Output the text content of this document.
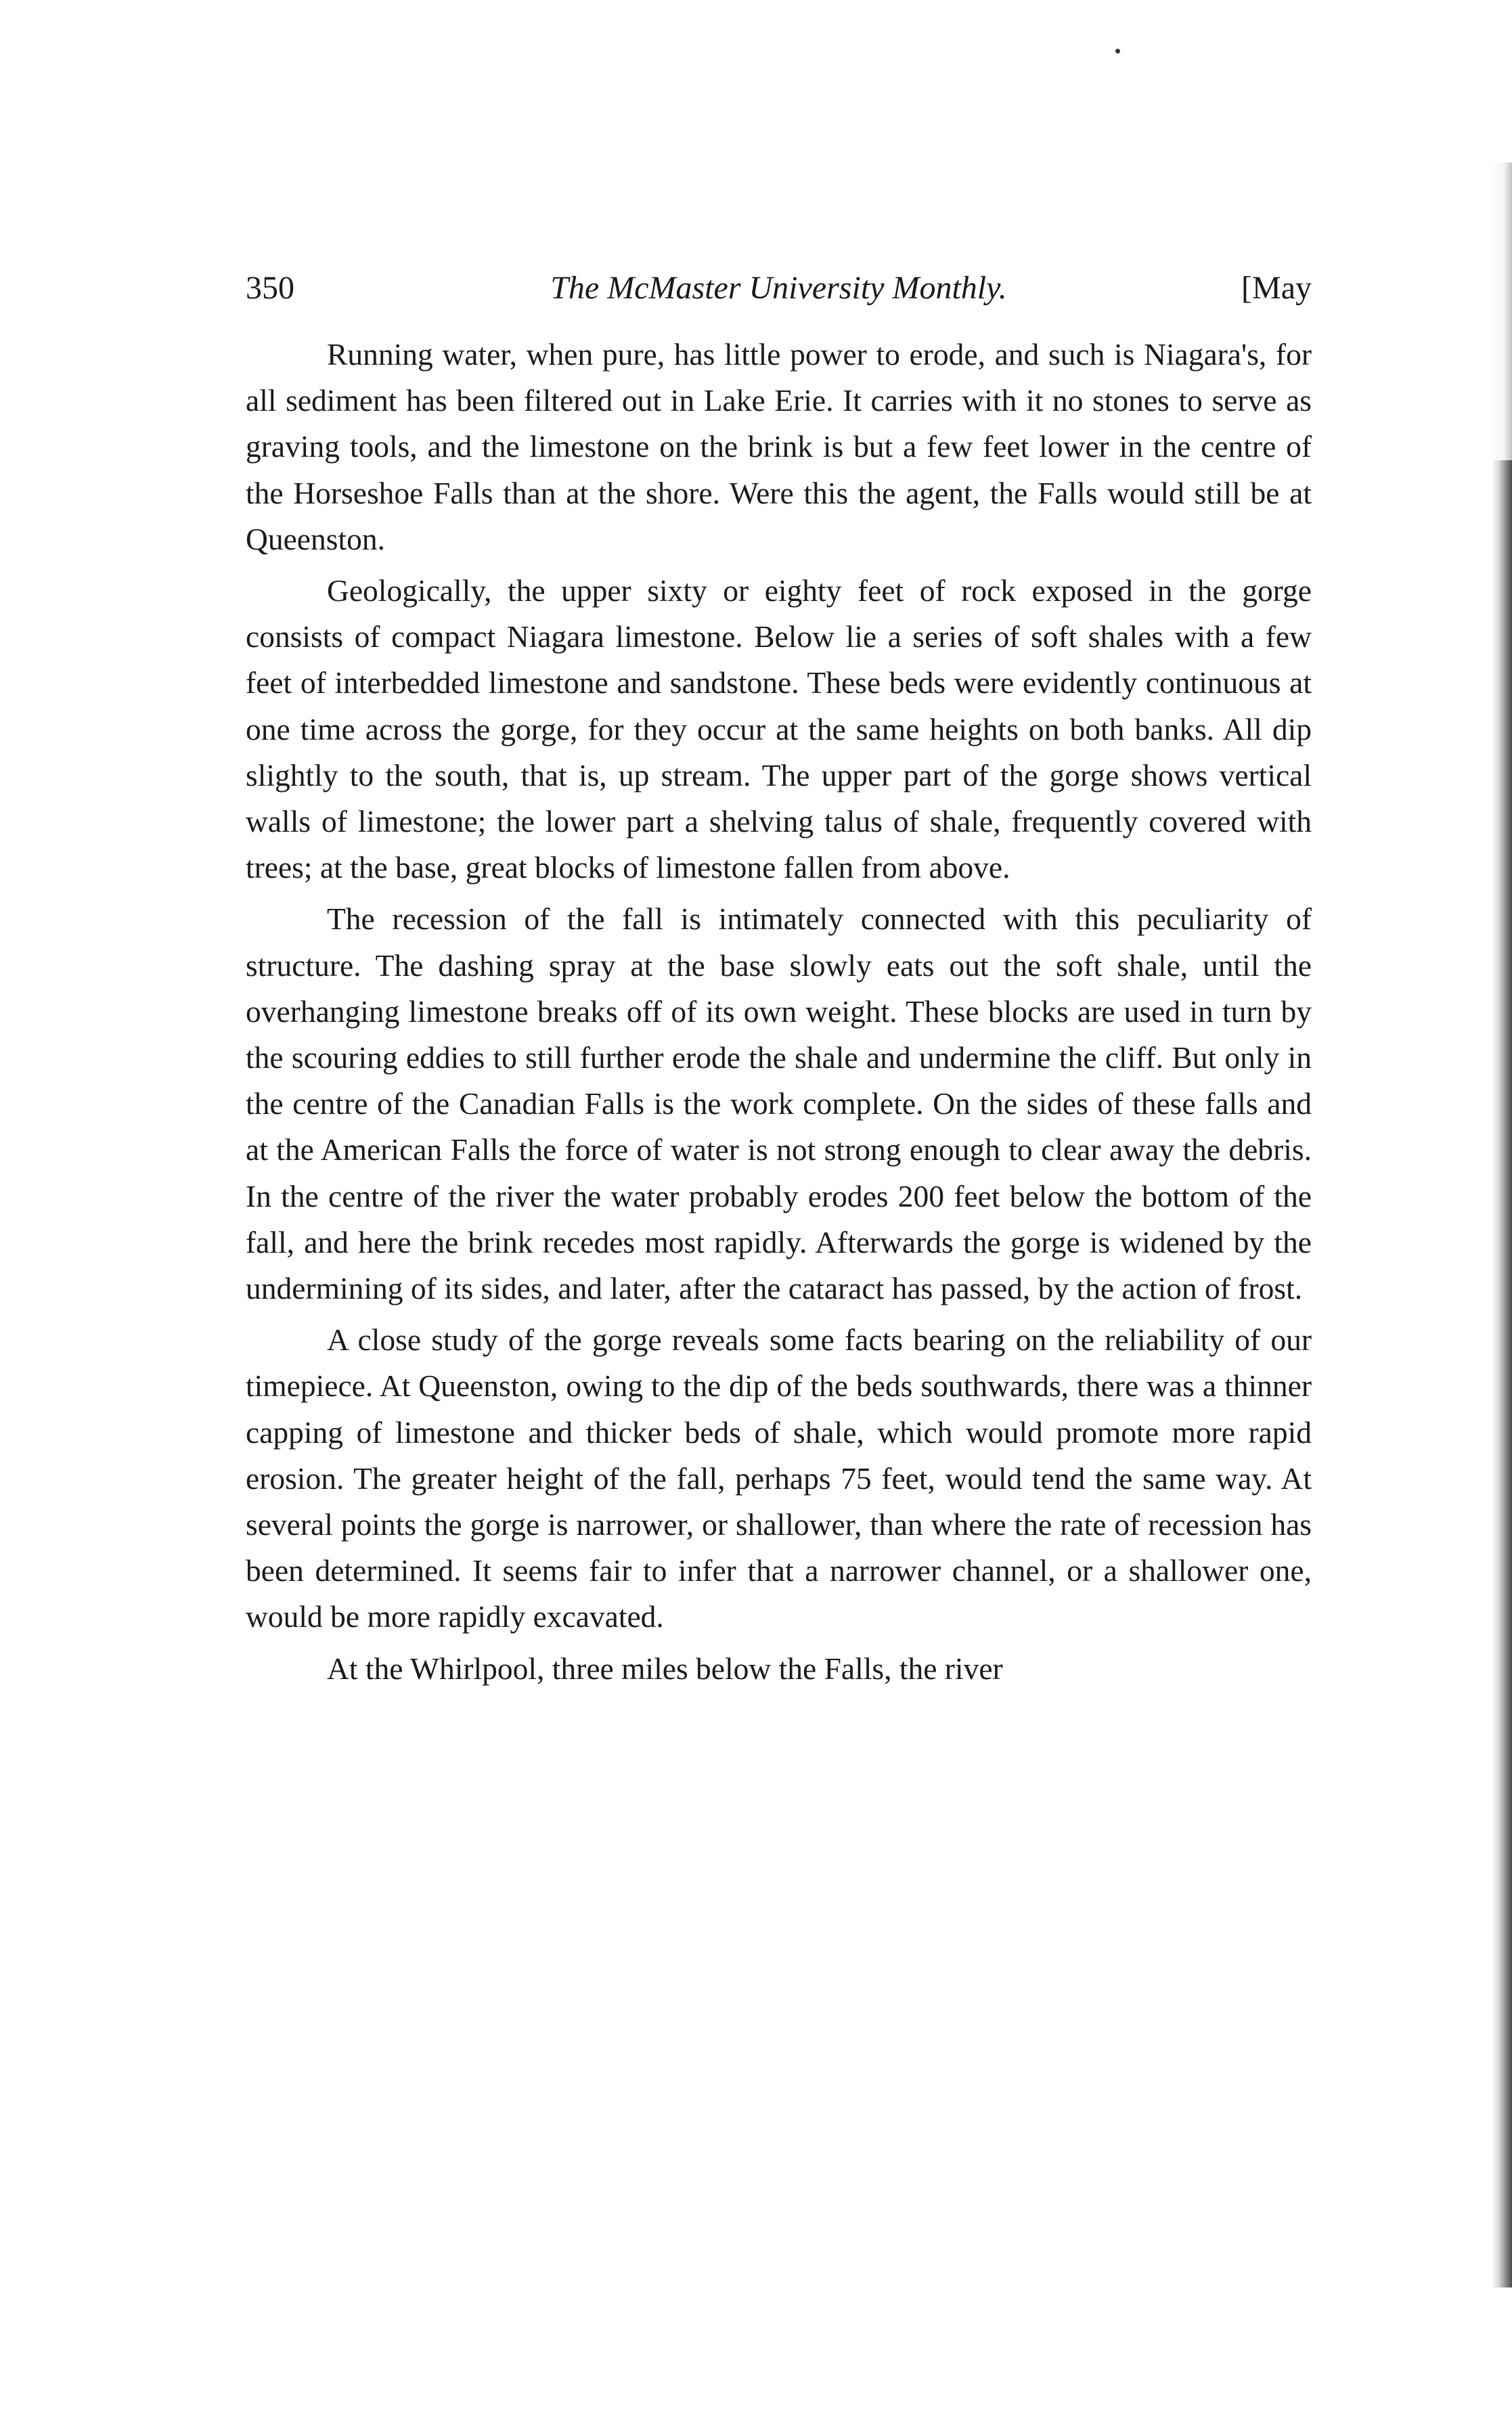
350	The McMaster University Monthly.	[May

Running water, when pure, has little power to erode, and such is Niagara's, for all sediment has been filtered out in Lake Erie. It carries with it no stones to serve as graving tools, and the limestone on the brink is but a few feet lower in the centre of the Horseshoe Falls than at the shore. Were this the agent, the Falls would still be at Queenston.

Geologically, the upper sixty or eighty feet of rock exposed in the gorge consists of compact Niagara limestone. Below lie a series of soft shales with a few feet of interbedded limestone and sandstone. These beds were evidently continuous at one time across the gorge, for they occur at the same heights on both banks. All dip slightly to the south, that is, up stream. The upper part of the gorge shows vertical walls of limestone; the lower part a shelving talus of shale, frequently covered with trees; at the base, great blocks of limestone fallen from above.

The recession of the fall is intimately connected with this peculiarity of structure. The dashing spray at the base slowly eats out the soft shale, until the overhanging limestone breaks off of its own weight. These blocks are used in turn by the scouring eddies to still further erode the shale and undermine the cliff. But only in the centre of the Canadian Falls is the work complete. On the sides of these falls and at the American Falls the force of water is not strong enough to clear away the debris. In the centre of the river the water probably erodes 200 feet below the bottom of the fall, and here the brink recedes most rapidly. Afterwards the gorge is widened by the undermining of its sides, and later, after the cataract has passed, by the action of frost.

A close study of the gorge reveals some facts bearing on the reliability of our timepiece. At Queenston, owing to the dip of the beds southwards, there was a thinner capping of limestone and thicker beds of shale, which would promote more rapid erosion. The greater height of the fall, perhaps 75 feet, would tend the same way. At several points the gorge is narrower, or shallower, than where the rate of recession has been determined. It seems fair to infer that a narrower channel, or a shallower one, would be more rapidly excavated.

At the Whirlpool, three miles below the Falls, the river
